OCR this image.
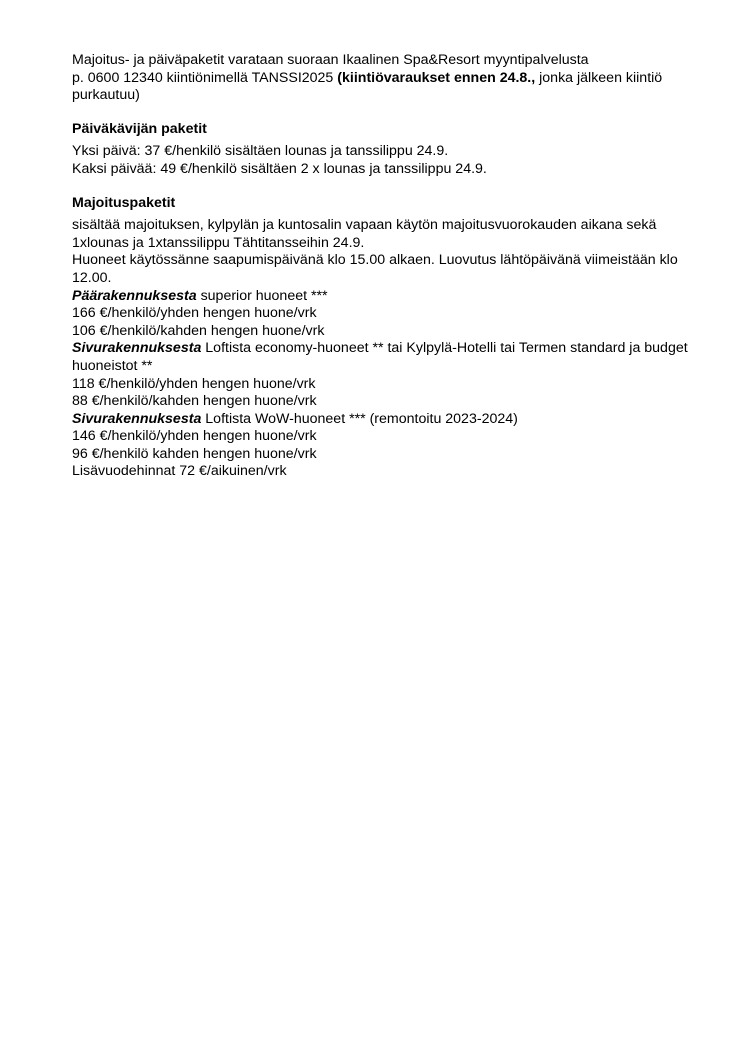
Majoitus- ja päiväpaketit varataan suoraan Ikaalinen Spa&Resort myyntipalvelusta
p. 0600 12340 kiintiönimellä TANSSI2025 (kiintiövaraukset ennen 24.8., jonka jälkeen kiintiö
purkautuu)
Päiväkävijän paketit
Yksi päivä: 37 €/henkilö sisältäen lounas ja tanssilippu 24.9.
Kaksi päivää: 49 €/henkilö sisältäen 2 x lounas ja tanssilippu 24.9.
Majoituspaketit
sisältää majoituksen, kylpylän ja kuntosalin vapaan käytön majoitusvuorokauden aikana sekä
1xlounas ja 1xtanssilippu Tähtitansseihin 24.9.
Huoneet käytössänne saapumispäivänä klo 15.00 alkaen. Luovutus lähtöpäivänä viimeistään klo
12.00.
Päärakennuksesta superior huoneet ***
166 €/henkilö/yhden hengen huone/vrk
106 €/henkilö/kahden hengen huone/vrk
Sivurakennuksesta Loftista economy-huoneet ** tai Kylpylä-Hotelli tai Termen standard ja budget
huoneistot **
118 €/henkilö/yhden hengen huone/vrk
88 €/henkilö/kahden hengen huone/vrk
Sivurakennuksesta Loftista WoW-huoneet *** (remontoitu 2023-2024)
146 €/henkilö/yhden hengen huone/vrk
96 €/henkilö kahden hengen huone/vrk
Lisävuodehinnat 72 €/aikuinen/vrk
